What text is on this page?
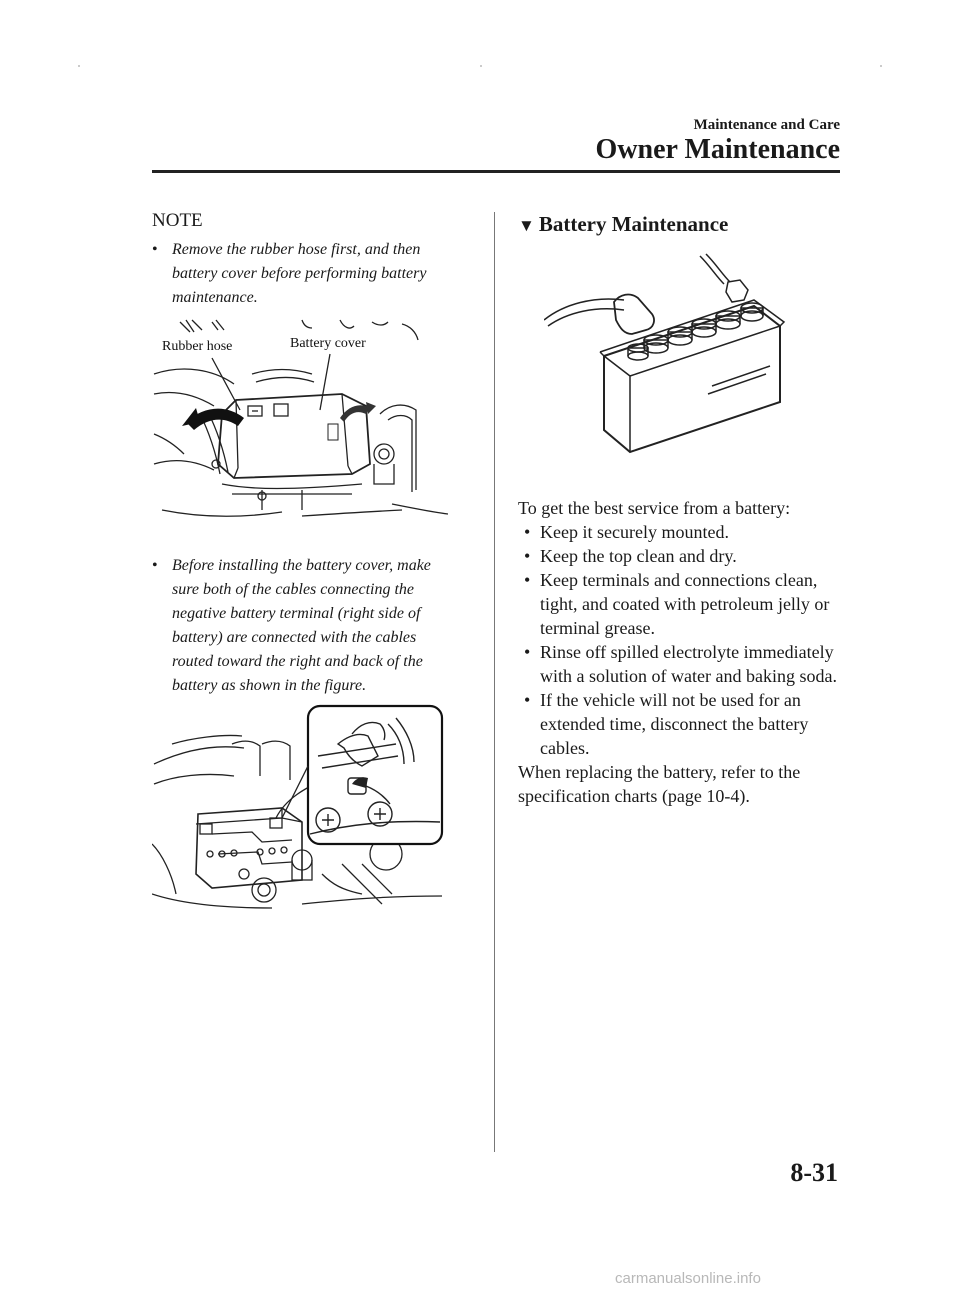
Maintenance and Care
Owner Maintenance
NOTE
• Remove the rubber hose first, and then battery cover before performing battery maintenance.
Rubber hose	Battery cover
• Before installing the battery cover, make sure both of the cables connecting the negative battery terminal (right side of battery) are connected with the cables routed toward the right and back of the battery as shown in the figure.
▼ Battery Maintenance
To get the best service from a battery:
• Keep it securely mounted.
• Keep the top clean and dry.
• Keep terminals and connections clean, tight, and coated with petroleum jelly or terminal grease.
• Rinse off spilled electrolyte immediately with a solution of water and baking soda.
• If the vehicle will not be used for an extended time, disconnect the battery cables.
When replacing the battery, refer to the specification charts (page 10-4).
8-31
carmanualsonline.info
